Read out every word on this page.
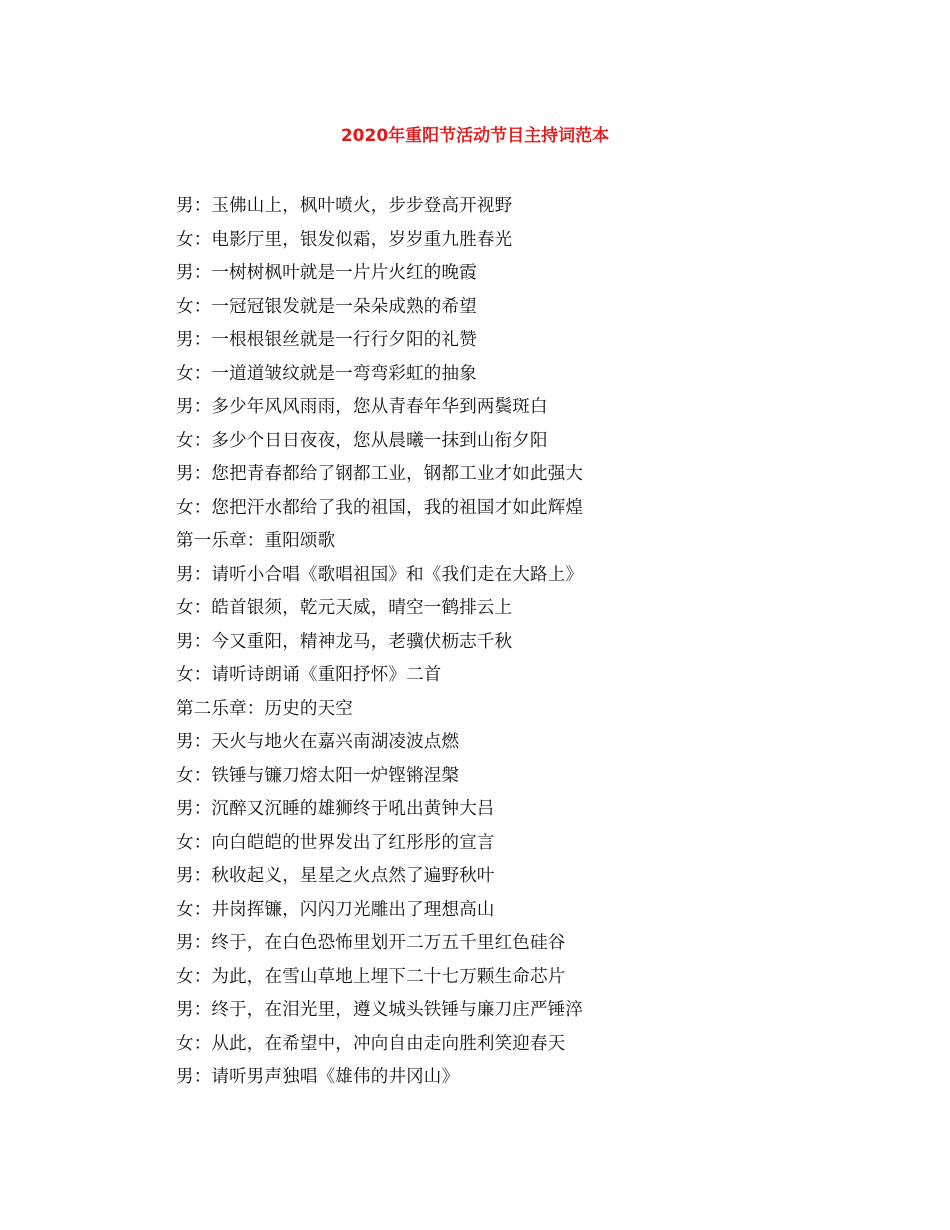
2020年重阳节活动节目主持词范本
男：玉佛山上，枫叶喷火，步步登高开视野
女：电影厅里，银发似霜，岁岁重九胜春光
男：一树树枫叶就是一片片火红的晚霞
女：一冠冠银发就是一朵朵成熟的希望
男：一根根银丝就是一行行夕阳的礼赞
女：一道道皱纹就是一弯弯彩虹的抽象
男：多少年风风雨雨，您从青春年华到两鬓斑白
女：多少个日日夜夜，您从晨曦一抹到山衔夕阳
男：您把青春都给了钢都工业，钢都工业才如此强大
女：您把汗水都给了我的祖国，我的祖国才如此辉煌
第一乐章：重阳颂歌
男：请听小合唱《歌唱祖国》和《我们走在大路上》
女：皓首银须，乾元天威，晴空一鹤排云上
男：今又重阳，精神龙马，老骥伏枥志千秋
女：请听诗朗诵《重阳抒怀》二首
第二乐章：历史的天空
男：天火与地火在嘉兴南湖凌波点燃
女：铁锤与镰刀熔太阳一炉铿锵涅槃
男：沉醉又沉睡的雄狮终于吼出黄钟大吕
女：向白皑皑的世界发出了红彤彤的宣言
男：秋收起义，星星之火点然了遍野秋叶
女：井岗挥镰，闪闪刀光雕出了理想高山
男：终于，在白色恐怖里划开二万五千里红色硅谷
女：为此，在雪山草地上埋下二十七万颗生命芯片
男：终于，在泪光里，遵义城头铁锤与廉刀庄严锤淬
女：从此，在希望中，冲向自由走向胜利笑迎春天
男：请听男声独唱《雄伟的井冈山》
